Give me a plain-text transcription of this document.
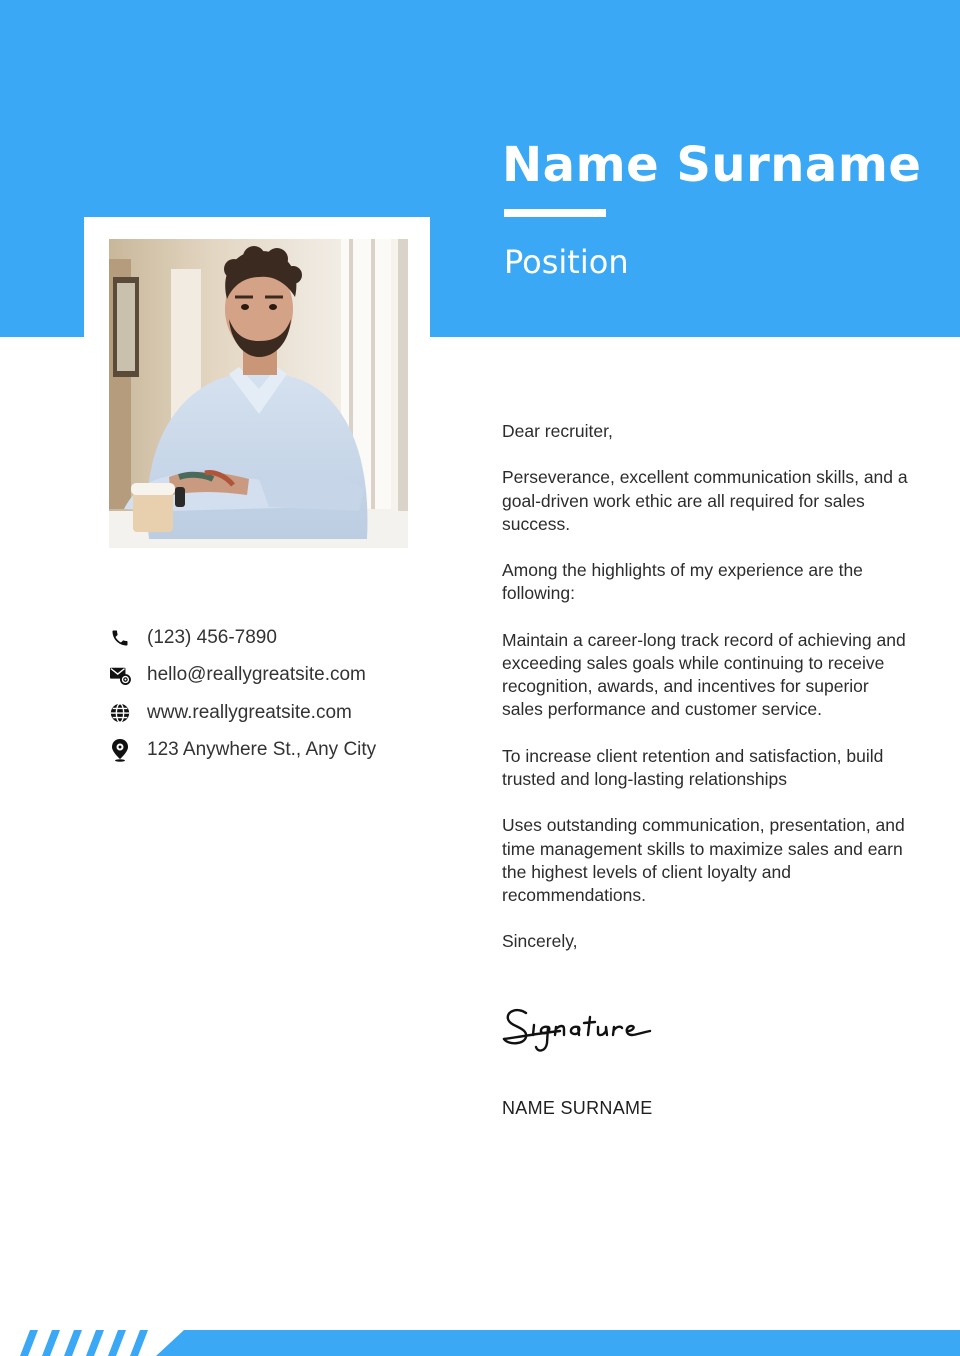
Name Surname
Position
(123) 456-7890
hello@reallygreatsite.com
www.reallygreatsite.com
123 Anywhere St., Any City

Dear recruiter,

Perseverance, excellent communication skills, and a goal-driven work ethic are all required for sales success.

Among the highlights of my experience are the following:

Maintain a career-long track record of achieving and exceeding sales goals while continuing to receive recognition, awards, and incentives for superior sales performance and customer service.

To increase client retention and satisfaction, build trusted and long-lasting relationships

Uses outstanding communication, presentation, and time management skills to maximize sales and earn the highest levels of client loyalty and recommendations.

Sincerely,

NAME SURNAME
